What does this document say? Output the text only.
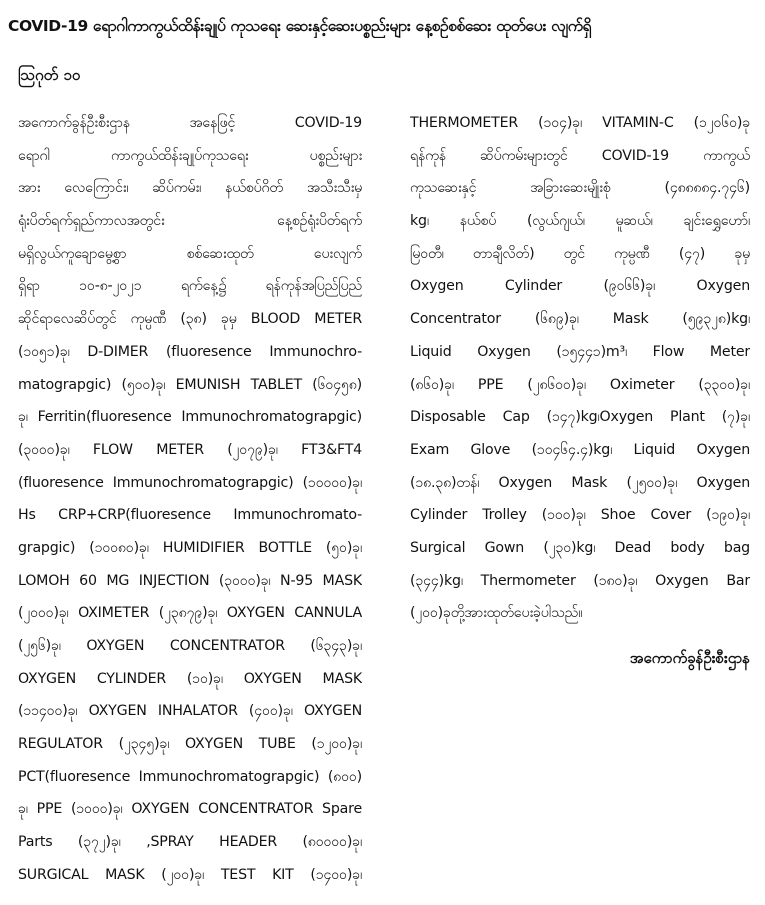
COVID-19 ရောဂါကာကွယ်ထိန်းချုပ် ကုသရေး ဆေးနှင့်ဆေးပစ္စည်းများ နေ့စဉ်စစ်ဆေး ထုတ်ပေး လျက်ရှိ
ဩဂုတ် ၁၀
အကောက်ခွန်ဦးစီးဌာန အနေဖြင့် COVID-19
ရောဂါ ကာကွယ်ထိန်းချုပ်ကုသရေး ပစ္စည်းများ
အား လေကြောင်း၊ ဆိပ်ကမ်း၊ နယ်စပ်ဂိတ် အသီးသီးမှ
ရုံးပိတ်ရက်ရှည်ကာလအတွင်း နေ့စဉ်ရုံးပိတ်ရက်
မရှိလွယ်ကူချောမွေ့စွာ စစ်ဆေးထုတ် ပေးလျက်
ရှိရာ ၁၀-၈-၂၀၂၁ ရက်နေ့၌ ရန်ကုန်အပြည်ပြည်
ဆိုင်ရာလေဆိပ်တွင် ကုမ္ပဏီ (၃၈) ခုမှ BLOOD METER
(၁၀၅၁)ခု၊ D-DIMER (fluoresence Immunochro-
matograpgic) (၅၀၀)ခု၊ EMUNISH TABLET (၆၀၄၅၈)
ခု၊ Ferritin(fluoresence Immunochromatograpgic)
(၃၀၀၀)ခု၊ FLOW METER (၂၀၇၉)ခု၊ FT3&FT4
(fluoresence Immunochromatograpgic) (၁၀၀၀၀)ခု၊
Hs CRP+CRP(fluoresence Immunochromato-
grapgic) (၁၀၀၈၀)ခု၊ HUMIDIFIER BOTTLE (၅၀)ခု၊
LOMOH 60 MG INJECTION (၃၀၀၀)ခု၊ N-95 MASK
(၂၀၀၀)ခု၊ OXIMETER (၂၃၈၇၉)ခု၊ OXYGEN CANNULA
(၂၅၆)ခု၊ OXYGEN CONCENTRATOR (၆၃၄၃)ခု၊
OXYGEN CYLINDER (၁၀)ခု၊ OXYGEN MASK
(၁၁၄၀၀)ခု၊ OXYGEN INHALATOR (၄၀၀)ခု၊ OXYGEN
REGULATOR (၂၃၄၅)ခု၊ OXYGEN TUBE (၁၂၀၀)ခု၊
PCT(fluoresence Immunochromatograpgic) (၈၀၀)
ခု၊ PPE (၁၀၀၀)ခု၊ OXYGEN CONCENTRATOR Spare
Parts (၃၇၂)ခု၊ ,SPRAY HEADER (၈၀၀၀၀)ခု၊
SURGICAL MASK (၂၀၀)ခု၊ TEST KIT (၁၄၀၀)ခု၊
THERMOMETER (၁၀၄)ခု၊ VITAMIN-C (၁၂၀၆၀)ခု
ရန်ကုန် ဆိပ်ကမ်းများတွင် COVID-19 ကာကွယ်
ကုသဆေးနှင့် အခြားဆေးမျိုးစုံ (၄၈၈၈၈၄.၇၄၆)
kg၊ နယ်စပ် (လွယ်ဂျယ်၊ မူဆယ်၊ ချင်းရွှေဟော်၊
မြဝတီ၊ တာချီလိတ်) တွင် ကုမ္ပဏီ (၄၇) ခုမှ
Oxygen Cylinder (၉၀၆၆)ခု၊ Oxygen
Concentrator (၆၈၉)ခု၊ Mask (၅၉၃၂၈)kg၊
Liquid Oxygen (၁၅၄၄၁)m³၊ Flow Meter
(၈၆၀)ခု၊ PPE (၂၈၆၀၀)ခု၊ Oximeter (၃၃၀၀)ခု၊
Disposable Cap (၁၄၇)kg၊Oxygen Plant (၇)ခု၊
Exam Glove (၁၀၄၆၄.၄)kg၊ Liquid Oxygen
(၁၈.၃၈)တန်၊ Oxygen Mask (၂၅၀၀)ခု၊ Oxygen
Cylinder Trolley (၁၀၀)ခု၊ Shoe Cover (၁၉၀)ခု၊
Surgical Gown (၂၃၀)kg၊ Dead body bag
(၃၄၄)kg၊ Thermometer (၁၈၀)ခု၊ Oxygen Bar
(၂၀၀)ခုတို့အားထုတ်ပေးခဲ့ပါသည်။
အကောက်ခွန်ဦးစီးဌာန
